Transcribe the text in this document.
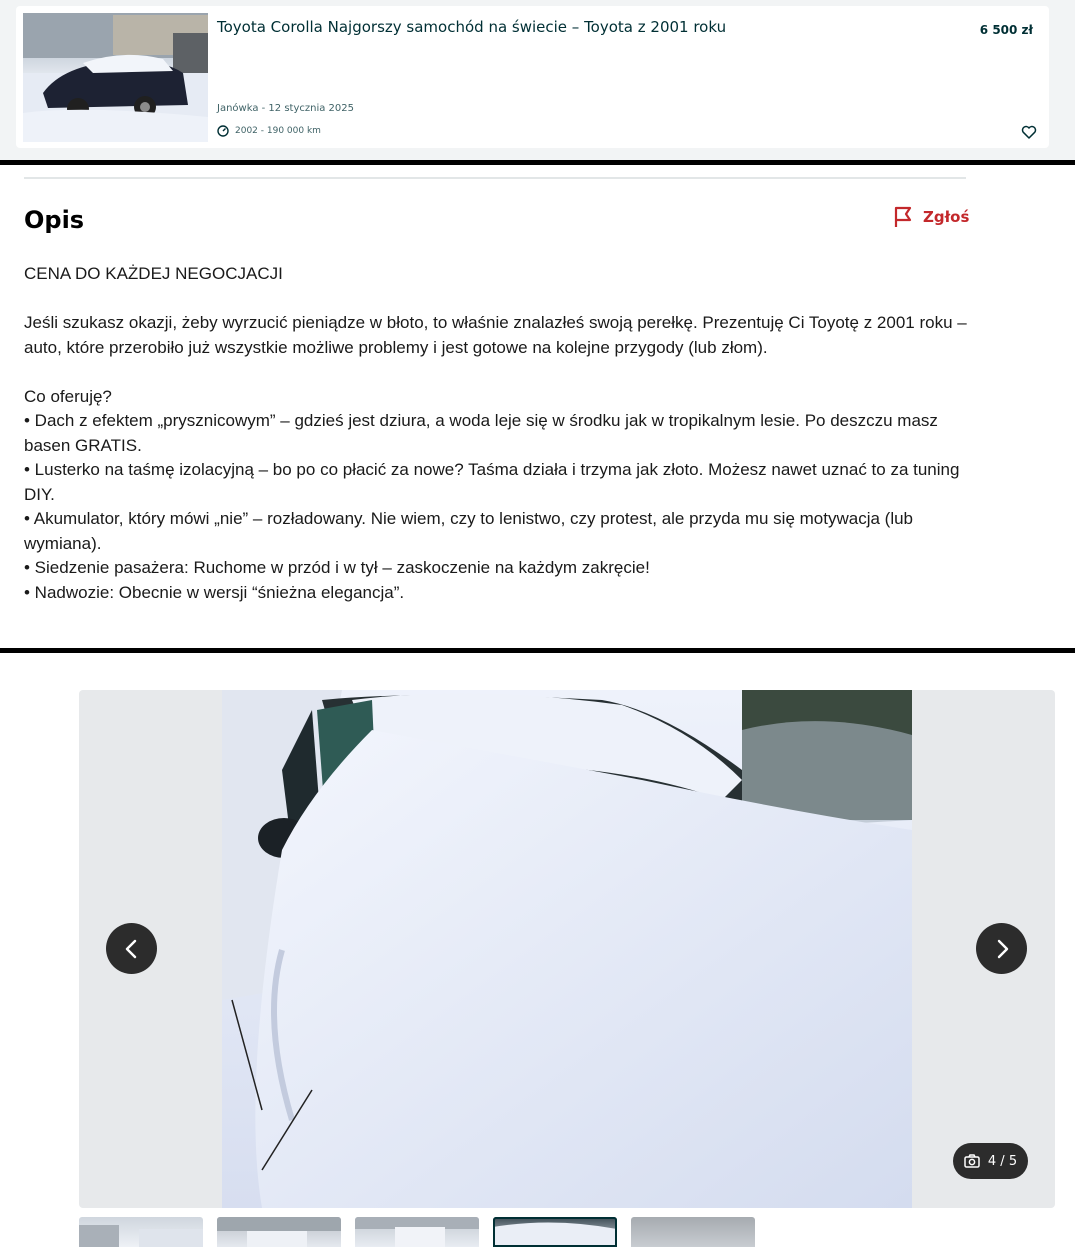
Toyota Corolla Najgorszy samochód na świecie – Toyota z 2001 roku	6 500 zł
Janówka - 12 stycznia 2025
2002 - 190 000 km
Opis	Zgłoś

CENA DO KAŻDEJ NEGOCJACJI

Jeśli szukasz okazji, żeby wyrzucić pieniądze w błoto, to właśnie znalazłeś swoją perełkę. Prezentuję Ci Toyotę z 2001 roku – auto, które przerobiło już wszystkie możliwe problemy i jest gotowe na kolejne przygody (lub złom).

Co oferuję?

• Dach z efektem „prysznicowym” – gdzieś jest dziura, a woda leje się w środku jak w tropikalnym lesie. Po deszczu masz basen GRATIS.

• Lusterko na taśmę izolacyjną – bo po co płacić za nowe? Taśma działa i trzyma jak złoto. Możesz nawet uznać to za tuning DIY.

• Akumulator, który mówi „nie” – rozładowany. Nie wiem, czy to lenistwo, czy protest, ale przyda mu się motywacja (lub wymiana).

• Siedzenie pasażera: Ruchome w przód i w tył – zaskoczenie na każdym zakręcie!

• Nadwozie: Obecnie w wersji “śnieżna elegancja”.

4 / 5
